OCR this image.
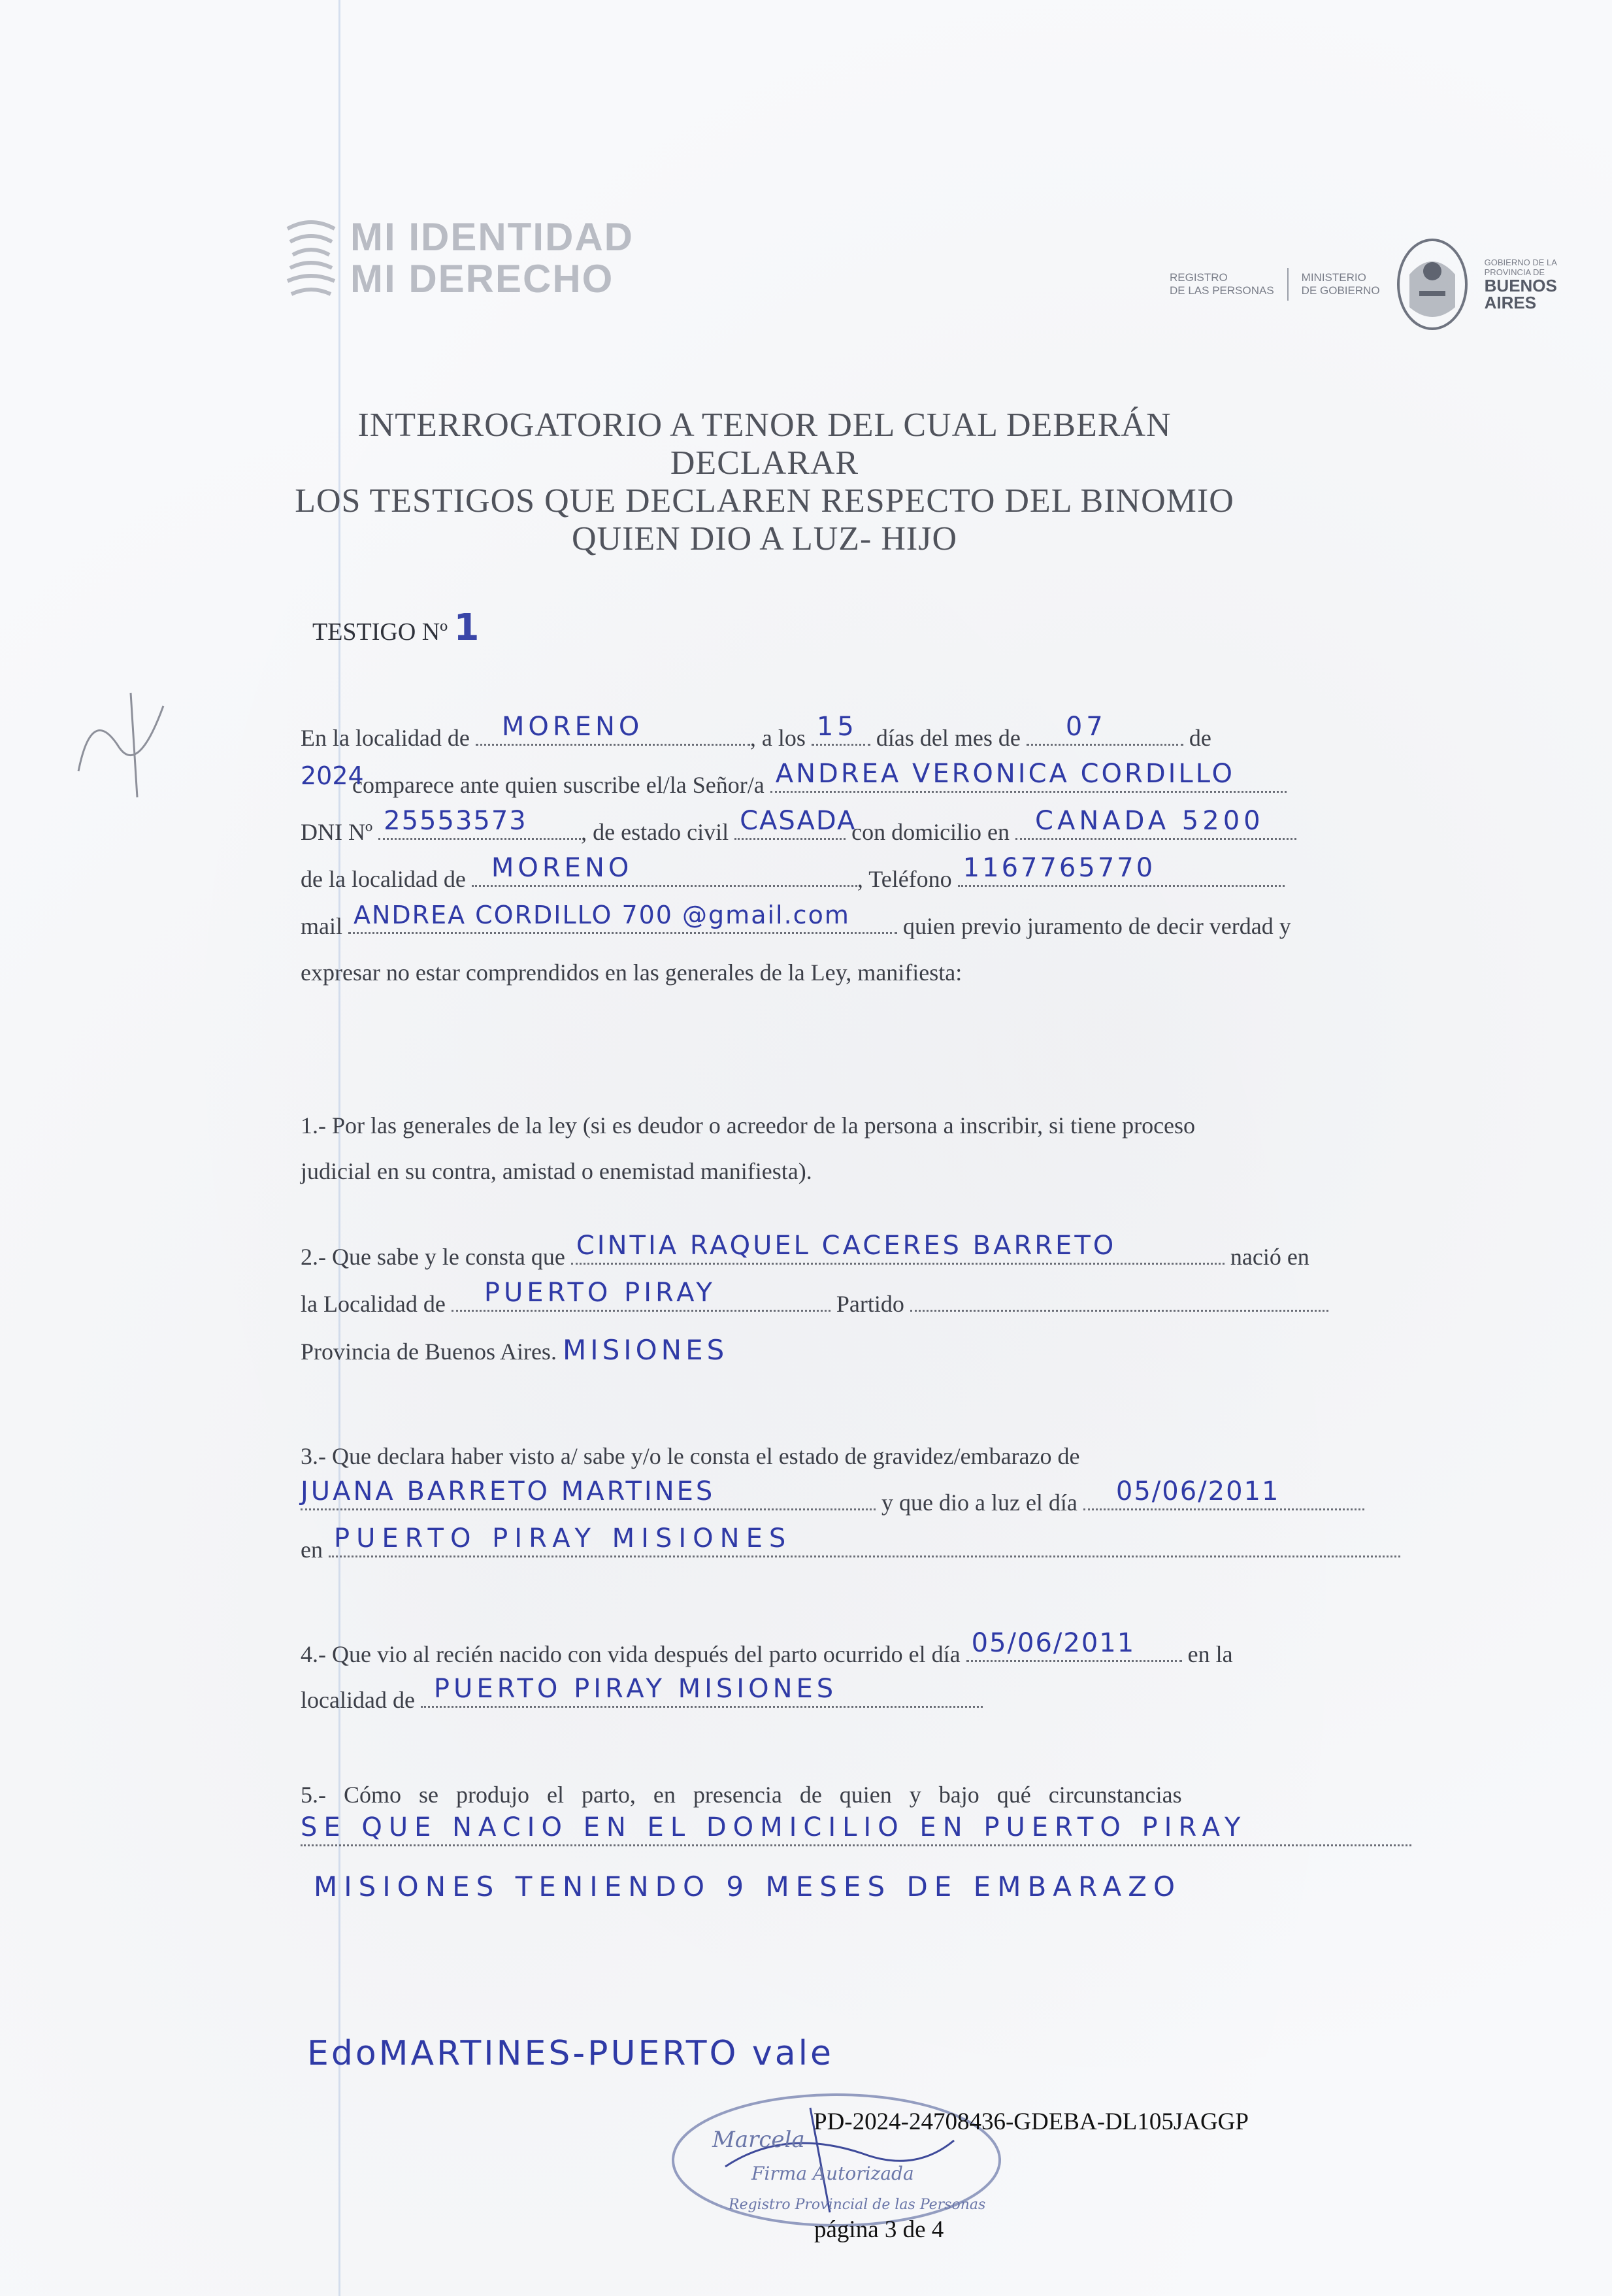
MI IDENTIDAD
MI DERECHO	REGISTRO
DE LAS PERSONAS
MINISTERIO
DE GOBIERNO
GOBIERNO DE LA
PROVINCIA DE
BUENOS
AIRES
INTERROGATORIO A TENOR DEL CUAL DEBERÁN DECLARAR
LOS TESTIGOS QUE DECLAREN RESPECTO DEL BINOMIO
QUIEN DIO A LUZ- HIJO
TESTIGO Nº 1
En la localidad de MORENO	, a los 15 días del mes de 07	de
2024
comparece ante quien suscribe el/la Señor/a ANDREA VERONICA CORDILLO
DNI Nº 25553573 , de estado civil CASADA
con domicilio en CANADA 5200
de la localidad de MORENO	, Teléfono 1167765770
mail ANDREA CORDILLO 700 @gmail.com quien previo juramento de decir verdad y
expresar no estar comprendidos en las generales de la Ley, manifiesta:
1.- Por las generales de la ley (si es deudor o acreedor de la persona a inscribir, si tiene proceso
judicial en su contra, amistad o enemistad manifiesta).
2.- Que sabe y le consta que CINTIA RAQUEL CACERES BARRETO	nació en
la Localidad de PUERTO PIRAY	Partido
Provincia de Buenos Aires. MISIONES
3.- Que declara haber visto a/ sabe y/o le consta el estado de gravidez/embarazo de
JUANA BARRETO MARTINES	y que dio a luz el día 05/06/2011
en PUERTO PIRAY MISIONES
4.- Que vio al recién nacido con vida después del parto ocurrido el día 05/06/2011 en la
localidad de PUERTO PIRAY MISIONES
5.- Cómo se produjo el parto, en presencia de quien y bajo qué circunstancias
SE QUE NACIO EN EL DOMICILIO EN PUERTO PIRAY
MISIONES TENIENDO 9 MESES DE EMBARAZO
EdoMARTINES-PUERTO vale
Marcela
Firma Autorizada
Registro Provincial de las Personas
PD-2024-24708436-GDEBA-DL105JAGGP
página 3 de 4
